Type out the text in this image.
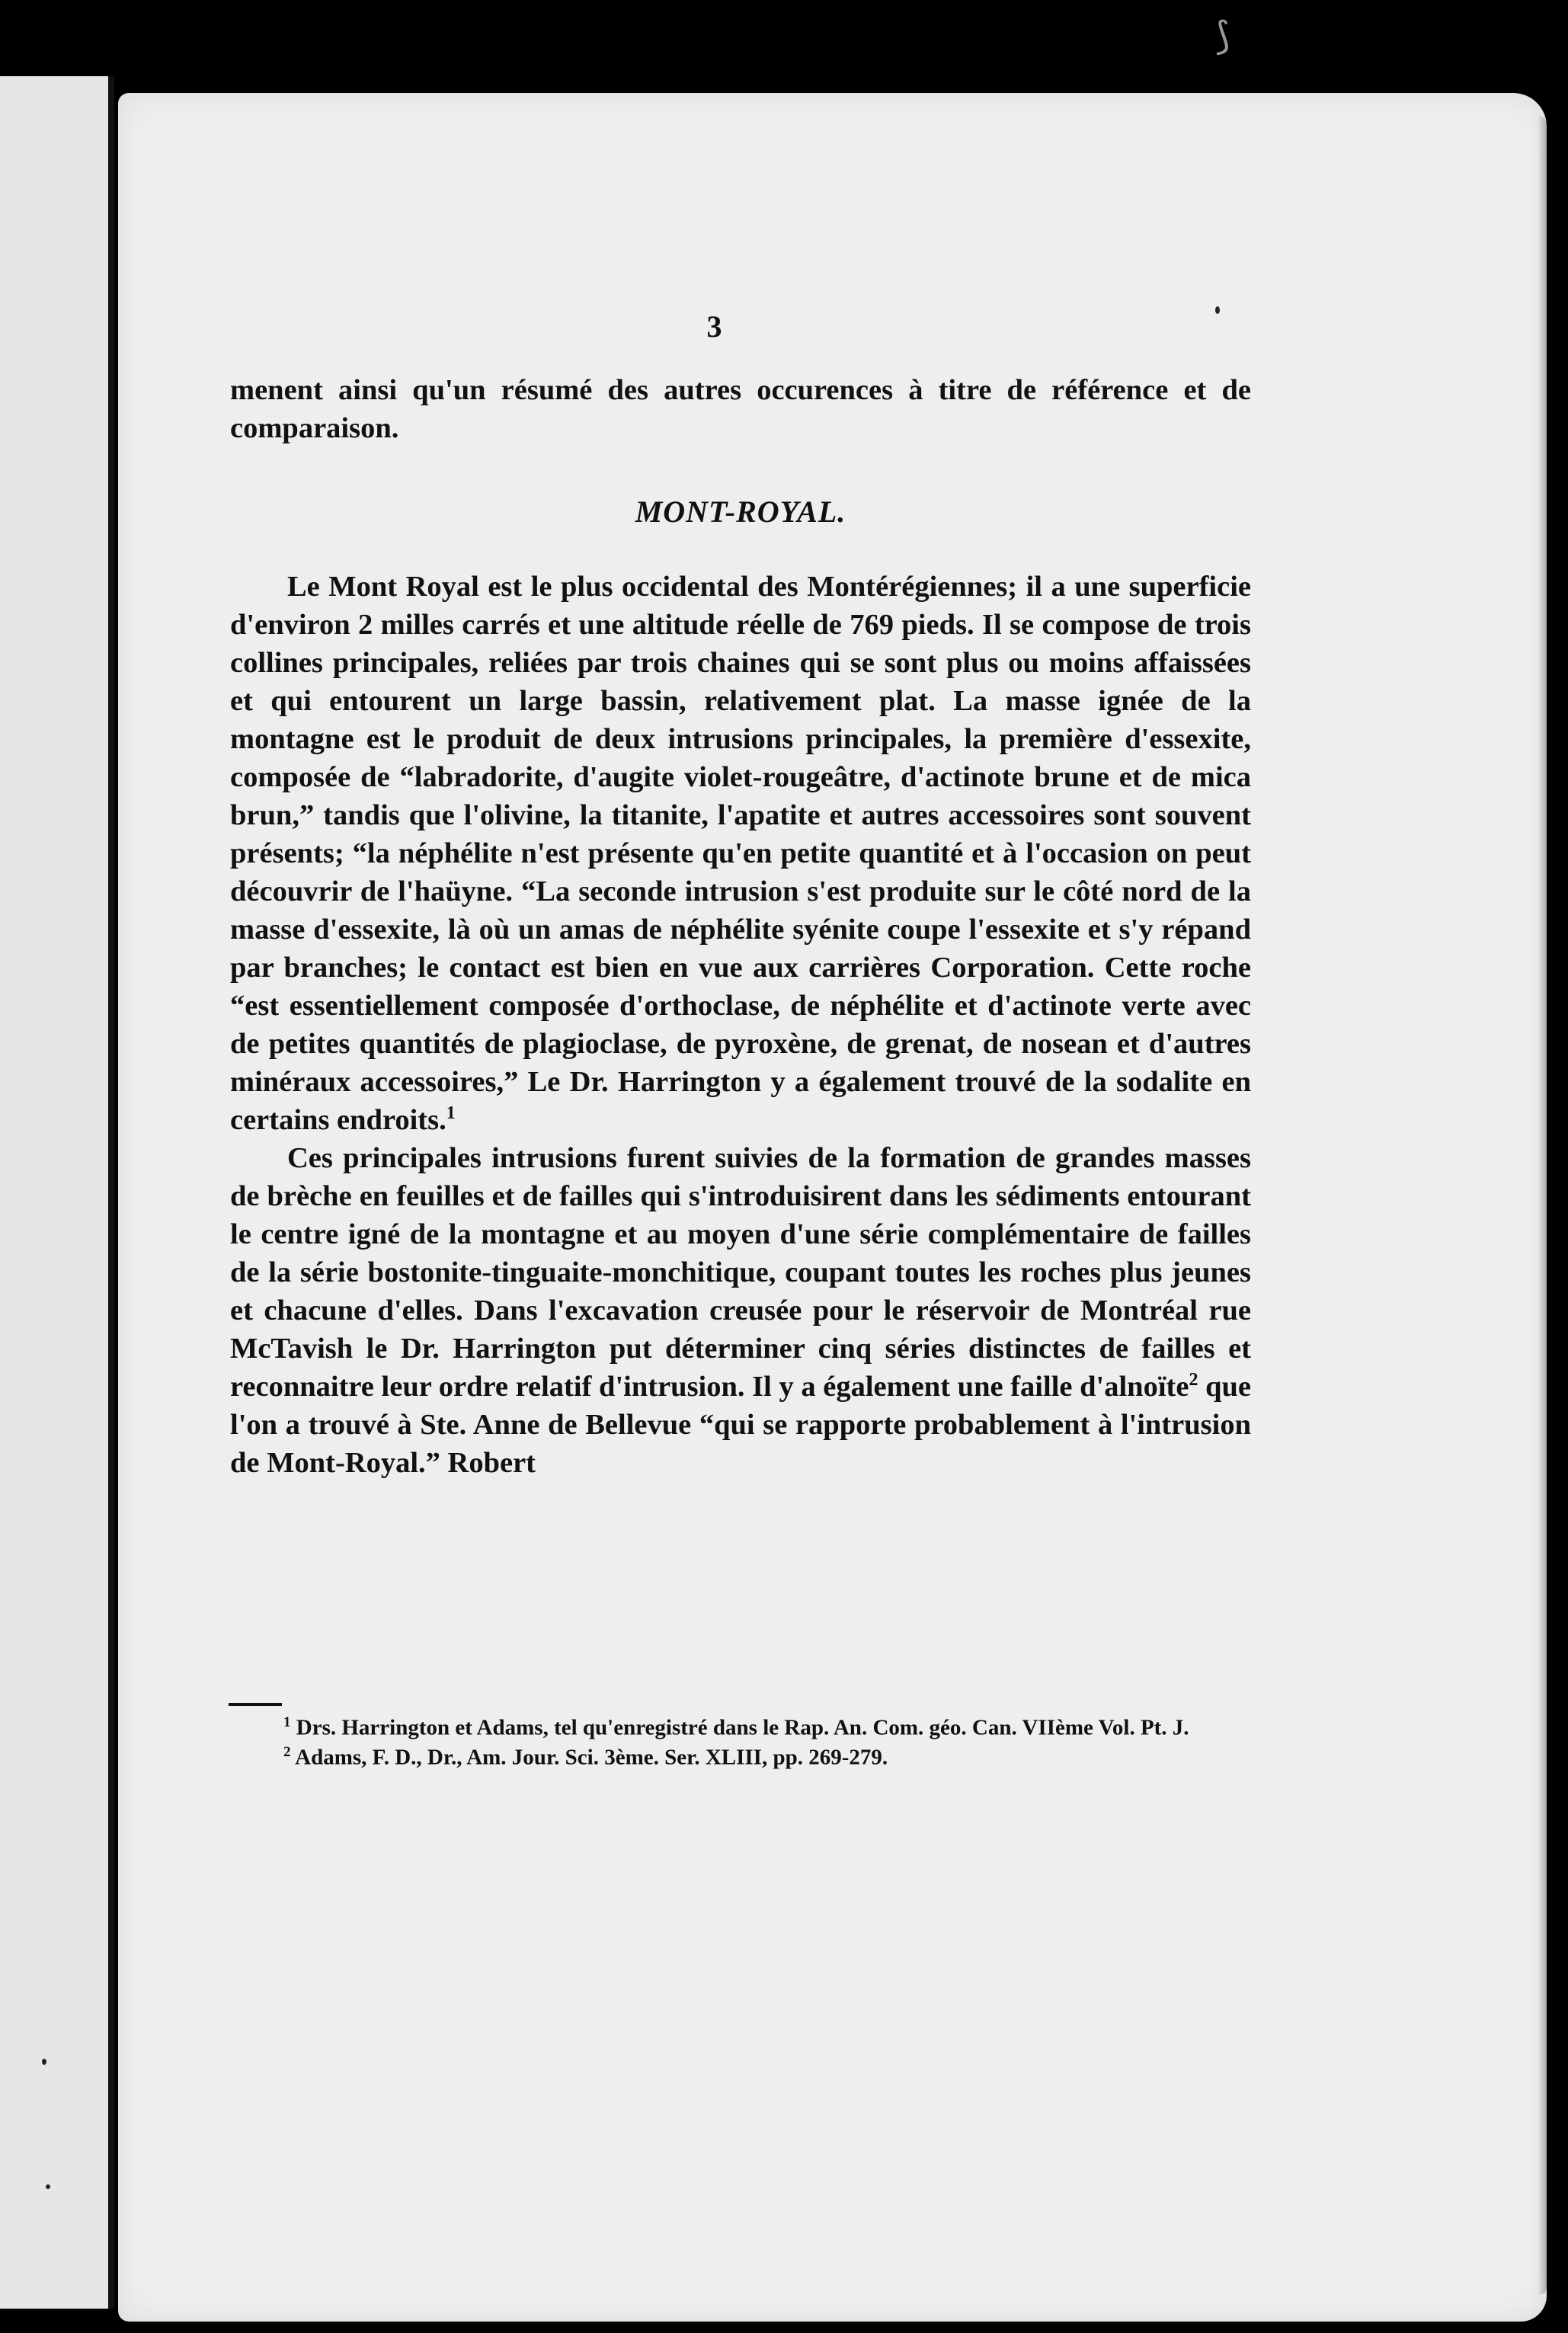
⟆
3

menent ainsi qu'un résumé des autres occurences à titre de référence et de comparaison.

MONT-ROYAL.

Le Mont Royal est le plus occidental des Montérégiennes; il a une superficie d'environ 2 milles carrés et une altitude réelle de 769 pieds. Il se compose de trois collines principales, reliées par trois chaines qui se sont plus ou moins affaissées et qui entourent un large bassin, relativement plat. La masse ignée de la montagne est le produit de deux intrusions principales, la première d'essexite, composée de “labradorite, d'augite violet-rougeâtre, d'actinote brune et de mica brun,” tandis que l'olivine, la titanite, l'apatite et autres accessoires sont souvent présents; “la néphélite n'est présente qu'en petite quantité et à l'occasion on peut découvrir de l'haüyne. “La seconde intrusion s'est produite sur le côté nord de la masse d'essexite, là où un amas de néphélite syénite coupe l'essexite et s'y répand par branches; le contact est bien en vue aux carrières Corporation. Cette roche “est essentiellement composée d'orthoclase, de néphélite et d'actinote verte avec de petites quantités de plagioclase, de pyroxène, de grenat, de nosean et d'autres minéraux accessoires,” Le Dr. Harrington y a également trouvé de la sodalite en certains endroits.$^1$

Ces principales intrusions furent suivies de la formation de grandes masses de brèche en feuilles et de failles qui s'introduisirent dans les sédiments entourant le centre igné de la montagne et au moyen d'une série complémentaire de failles de la série bostonite-tinguaite-monchitique, coupant toutes les roches plus jeunes et chacune d'elles. Dans l'excavation creusée pour le réservoir de Montréal rue McTavish le Dr. Harrington put déterminer cinq séries distinctes de failles et reconnaitre leur ordre relatif d'intrusion. Il y a également une faille d'alnoïte$^2$ que l'on a trouvé à Ste. Anne de Bellevue “qui se rapporte probablement à l'intrusion de Mont-Royal.” Robert

$^1$ Drs. Harrington et Adams, tel qu'enregistré dans le Rap. An. Com. géo. Can. VIIème Vol. Pt. J.

$^2$ Adams, F. D., Dr., Am. Jour. Sci. 3ème. Ser. XLIII, pp. 269-279.
